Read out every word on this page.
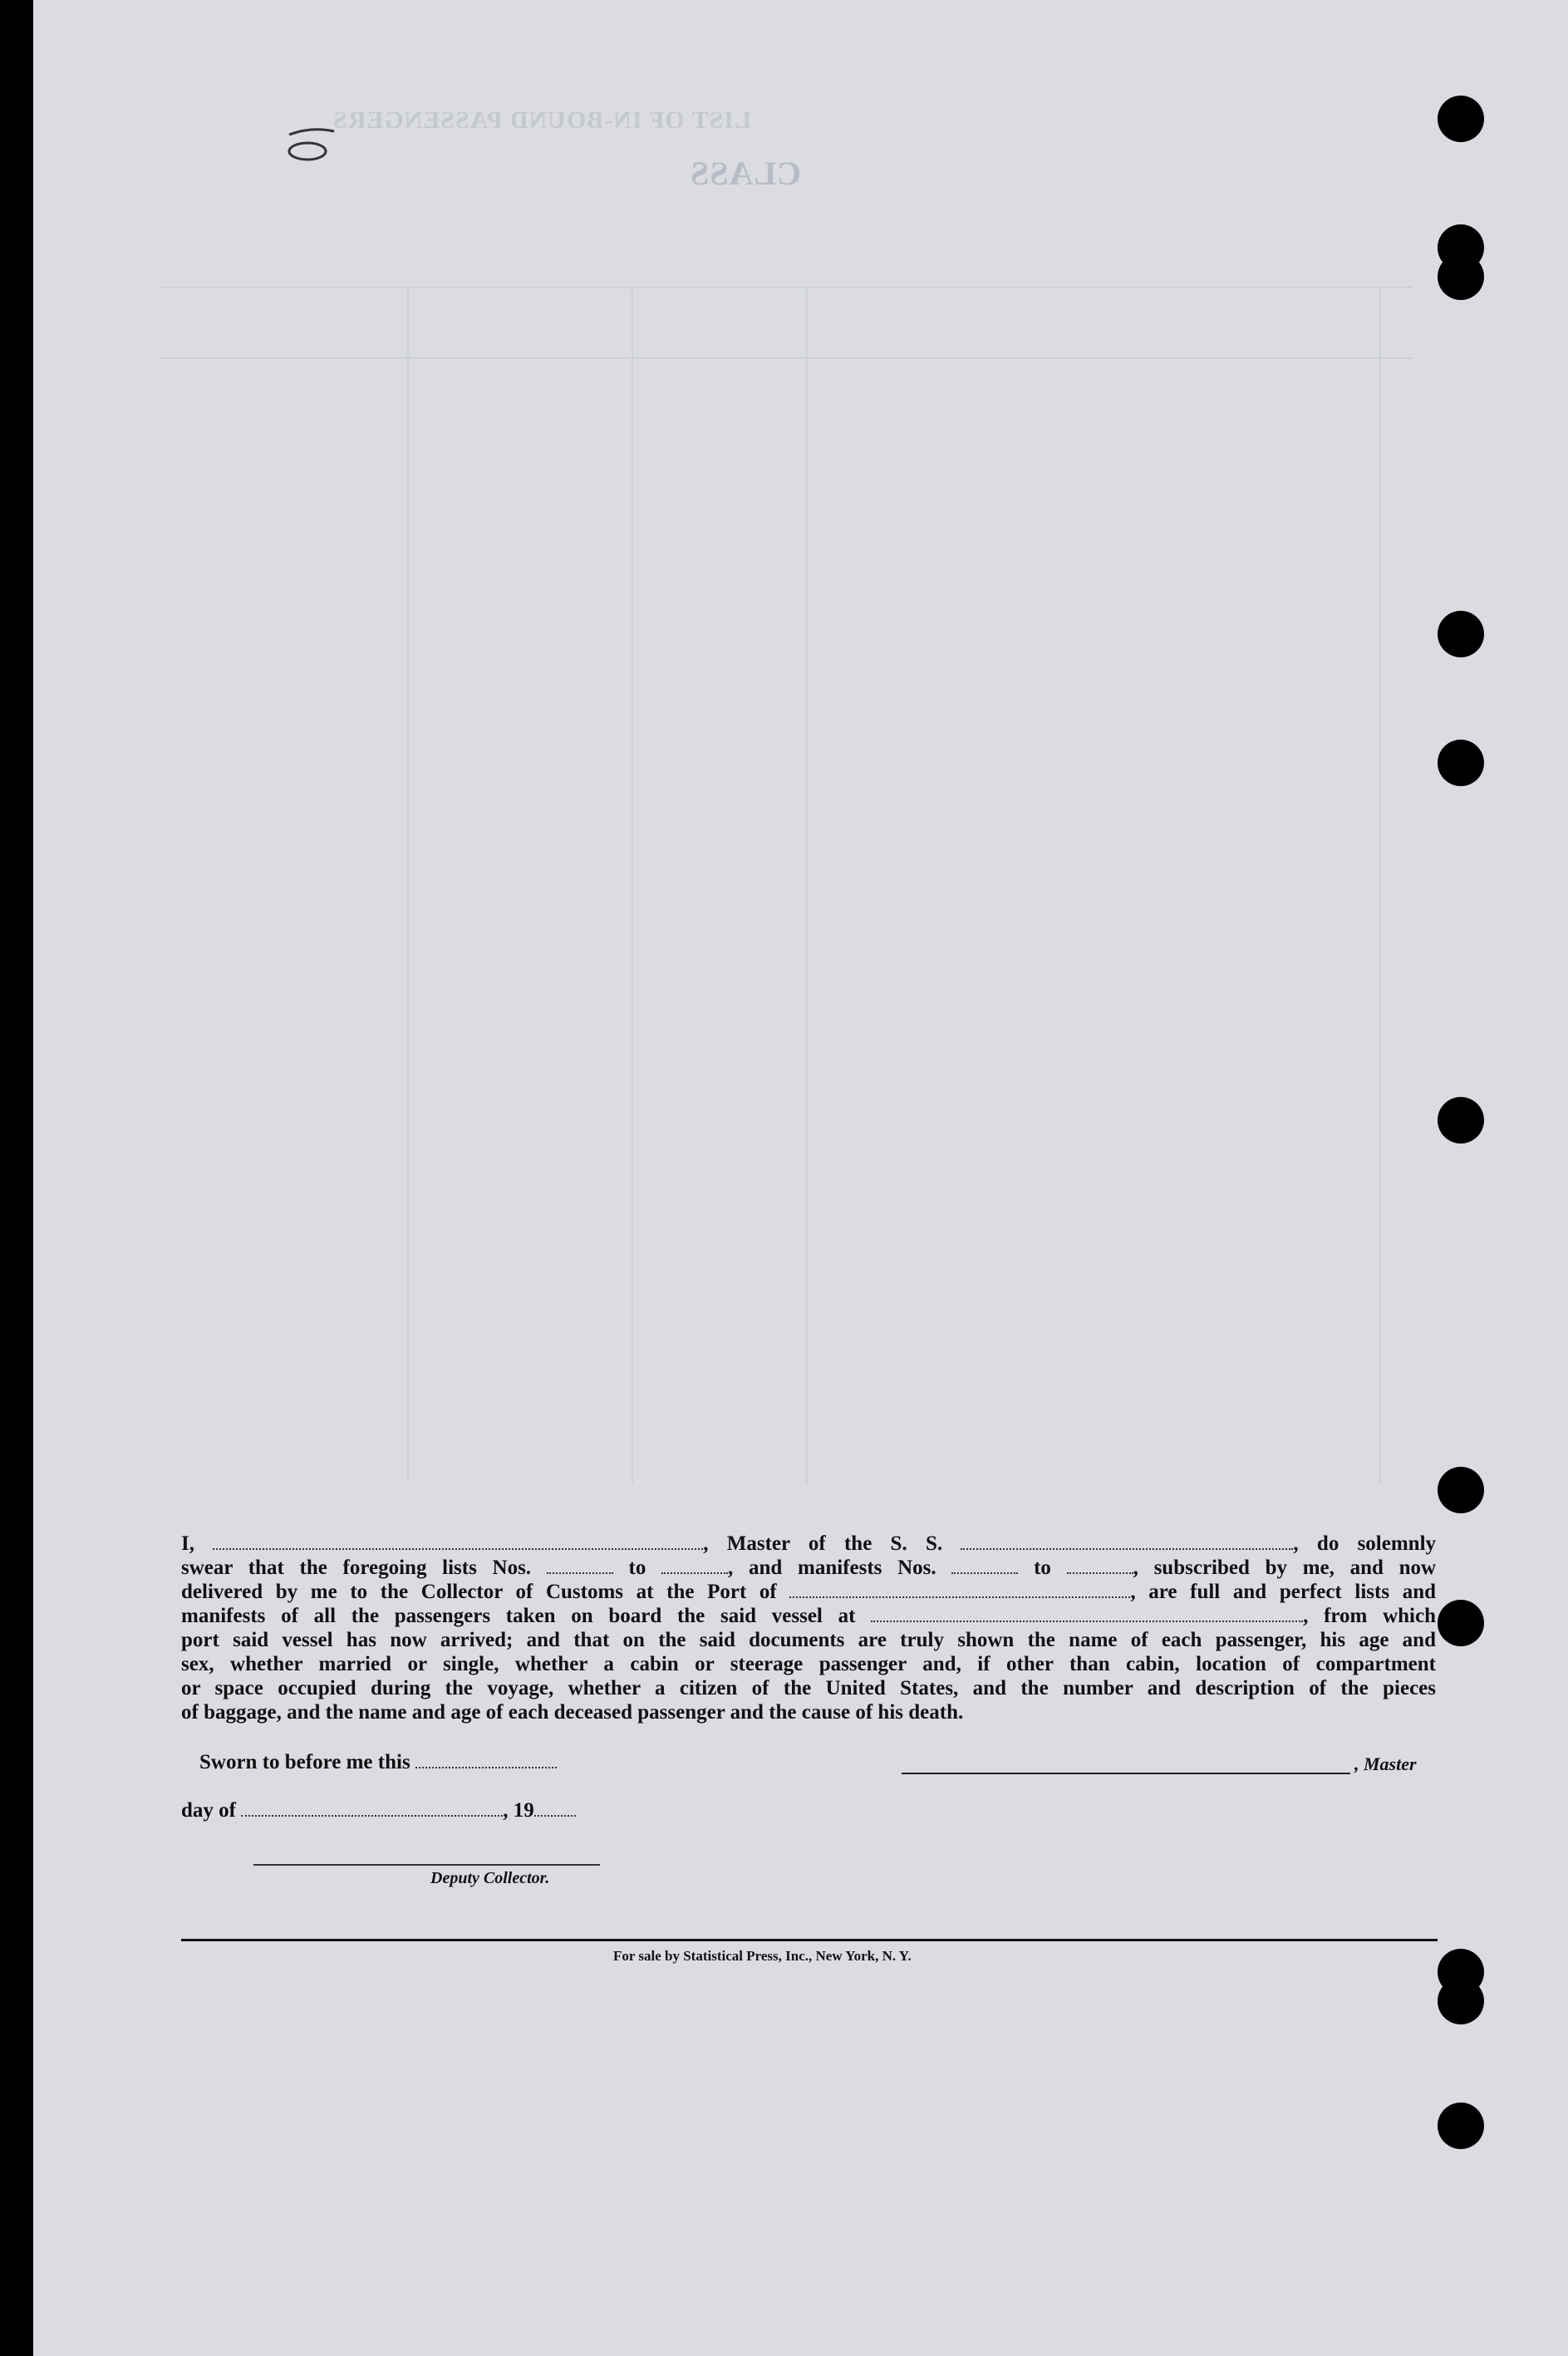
LIST OF IN-BOUND PASSENGERS
CLASS
I,	, Master of the S. S.	, do solemnly
swear that the foregoing lists Nos.	to	, and manifests Nos.	to	, subscribed by me, and now
delivered by me to the Collector of Customs at the Port of	, are full and perfect lists and
manifests of all the passengers taken on board the said vessel at	, from which
port said vessel has now arrived; and that on the said documents are truly shown the name of each passenger, his age and
sex, whether married or single, whether a cabin or steerage passenger and, if other than cabin, location of compartment
or space occupied during the voyage, whether a citizen of the United States, and the number and description of the pieces
of baggage, and the name and age of each deceased passenger and the cause of his death.
Sworn to before me this	, Master
day of	, 19
Deputy Collector.
For sale by Statistical Press, Inc., New York, N. Y.
